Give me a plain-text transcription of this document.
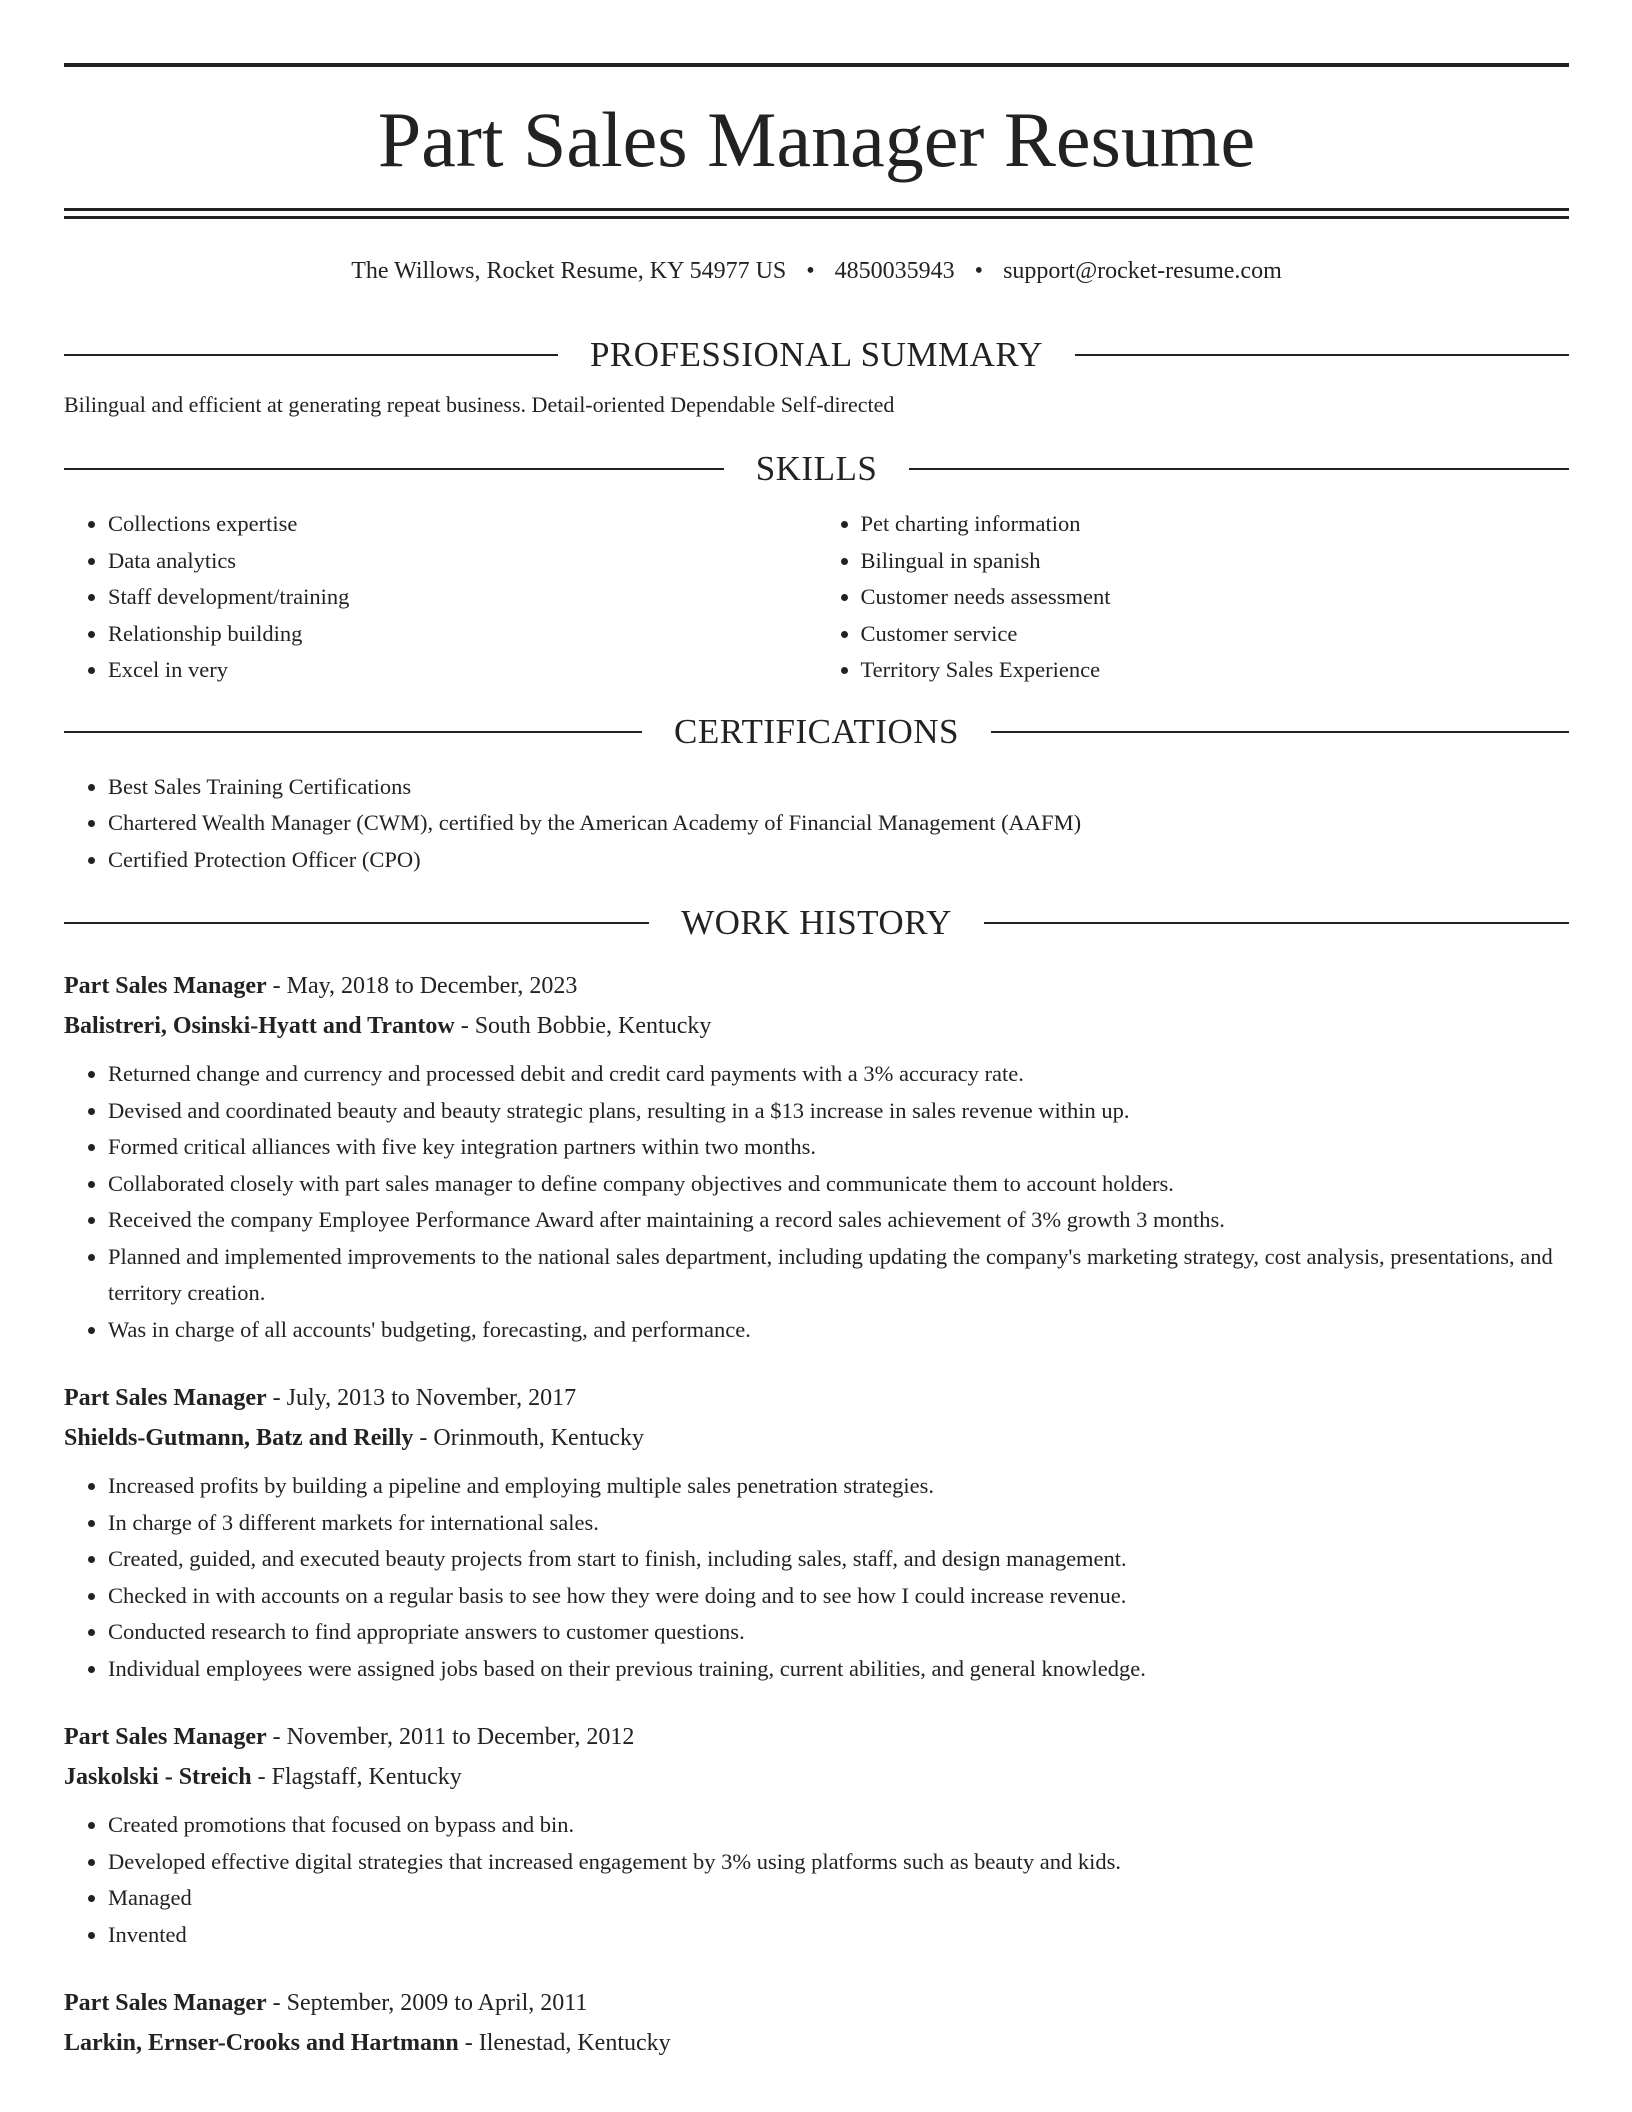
Part Sales Manager Resume
The Willows, Rocket Resume, KY 54977 US • 4850035943 • support@rocket-resume.com
PROFESSIONAL SUMMARY
Bilingual and efficient at generating repeat business. Detail-oriented Dependable Self-directed
SKILLS
• Collections expertise
• Data analytics
• Staff development/training
• Relationship building
• Excel in very
• Pet charting information
• Bilingual in spanish
• Customer needs assessment
• Customer service
• Territory Sales Experience
CERTIFICATIONS
• Best Sales Training Certifications
• Chartered Wealth Manager (CWM), certified by the American Academy of Financial Management (AAFM)
• Certified Protection Officer (CPO)
WORK HISTORY
Part Sales Manager - May, 2018 to December, 2023
Balistreri, Osinski-Hyatt and Trantow - South Bobbie, Kentucky
• Returned change and currency and processed debit and credit card payments with a 3% accuracy rate.
• Devised and coordinated beauty and beauty strategic plans, resulting in a $13 increase in sales revenue within up.
• Formed critical alliances with five key integration partners within two months.
• Collaborated closely with part sales manager to define company objectives and communicate them to account holders.
• Received the company Employee Performance Award after maintaining a record sales achievement of 3% growth 3 months.
• Planned and implemented improvements to the national sales department, including updating the company's marketing strategy, cost analysis, presentations, and territory creation.
• Was in charge of all accounts' budgeting, forecasting, and performance.
Part Sales Manager - July, 2013 to November, 2017
Shields-Gutmann, Batz and Reilly - Orinmouth, Kentucky
• Increased profits by building a pipeline and employing multiple sales penetration strategies.
• In charge of 3 different markets for international sales.
• Created, guided, and executed beauty projects from start to finish, including sales, staff, and design management.
• Checked in with accounts on a regular basis to see how they were doing and to see how I could increase revenue.
• Conducted research to find appropriate answers to customer questions.
• Individual employees were assigned jobs based on their previous training, current abilities, and general knowledge.
Part Sales Manager - November, 2011 to December, 2012
Jaskolski - Streich - Flagstaff, Kentucky
• Created promotions that focused on bypass and bin.
• Developed effective digital strategies that increased engagement by 3% using platforms such as beauty and kids.
• Managed
• Invented
Part Sales Manager - September, 2009 to April, 2011
Larkin, Ernser-Crooks and Hartmann - Ilenestad, Kentucky
